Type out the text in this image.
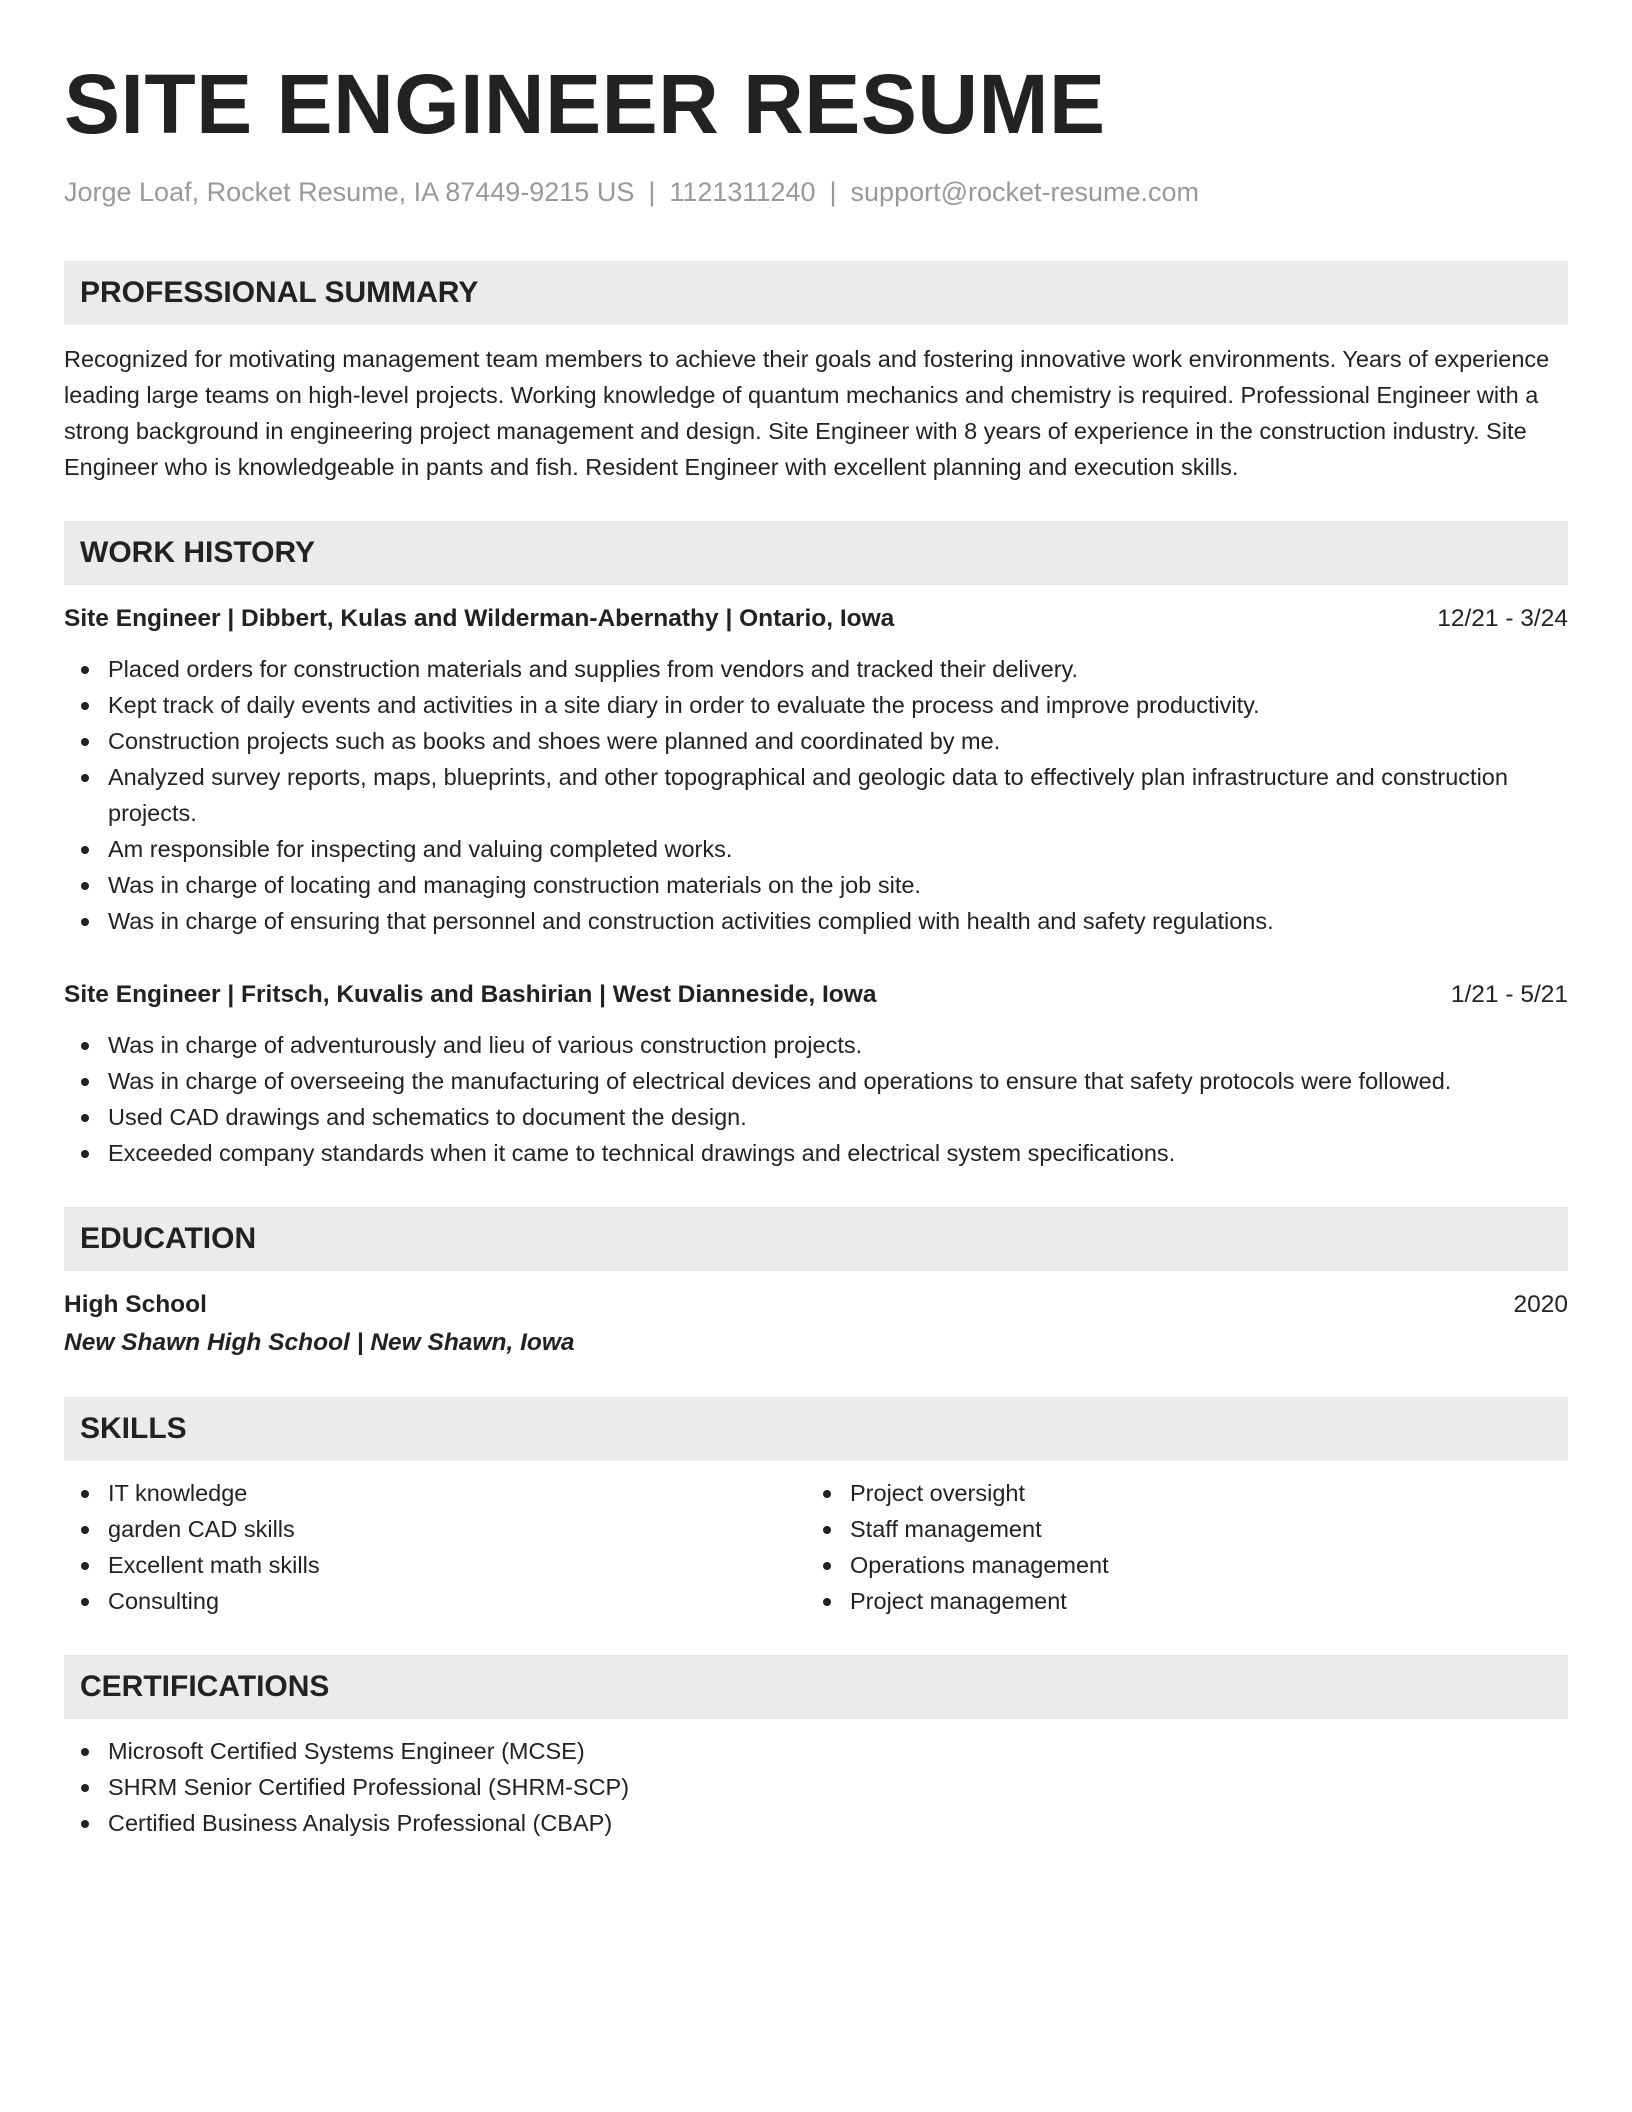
SITE ENGINEER RESUME
Jorge Loaf, Rocket Resume, IA 87449-9215 US | 1121311240 | support@rocket-resume.com
PROFESSIONAL SUMMARY
Recognized for motivating management team members to achieve their goals and fostering innovative work environments. Years of experience leading large teams on high-level projects. Working knowledge of quantum mechanics and chemistry is required. Professional Engineer with a strong background in engineering project management and design. Site Engineer with 8 years of experience in the construction industry. Site Engineer who is knowledgeable in pants and fish. Resident Engineer with excellent planning and execution skills.
WORK HISTORY
Site Engineer | Dibbert, Kulas and Wilderman-Abernathy | Ontario, Iowa	12/21 - 3/24
Placed orders for construction materials and supplies from vendors and tracked their delivery.
Kept track of daily events and activities in a site diary in order to evaluate the process and improve productivity.
Construction projects such as books and shoes were planned and coordinated by me.
Analyzed survey reports, maps, blueprints, and other topographical and geologic data to effectively plan infrastructure and construction projects.
Am responsible for inspecting and valuing completed works.
Was in charge of locating and managing construction materials on the job site.
Was in charge of ensuring that personnel and construction activities complied with health and safety regulations.
Site Engineer | Fritsch, Kuvalis and Bashirian | West Dianneside, Iowa	1/21 - 5/21
Was in charge of adventurously and lieu of various construction projects.
Was in charge of overseeing the manufacturing of electrical devices and operations to ensure that safety protocols were followed.
Used CAD drawings and schematics to document the design.
Exceeded company standards when it came to technical drawings and electrical system specifications.
EDUCATION
High School	2020
New Shawn High School | New Shawn, Iowa
SKILLS
IT knowledge
garden CAD skills
Excellent math skills
Consulting
Project oversight
Staff management
Operations management
Project management
CERTIFICATIONS
Microsoft Certified Systems Engineer (MCSE)
SHRM Senior Certified Professional (SHRM-SCP)
Certified Business Analysis Professional (CBAP)
